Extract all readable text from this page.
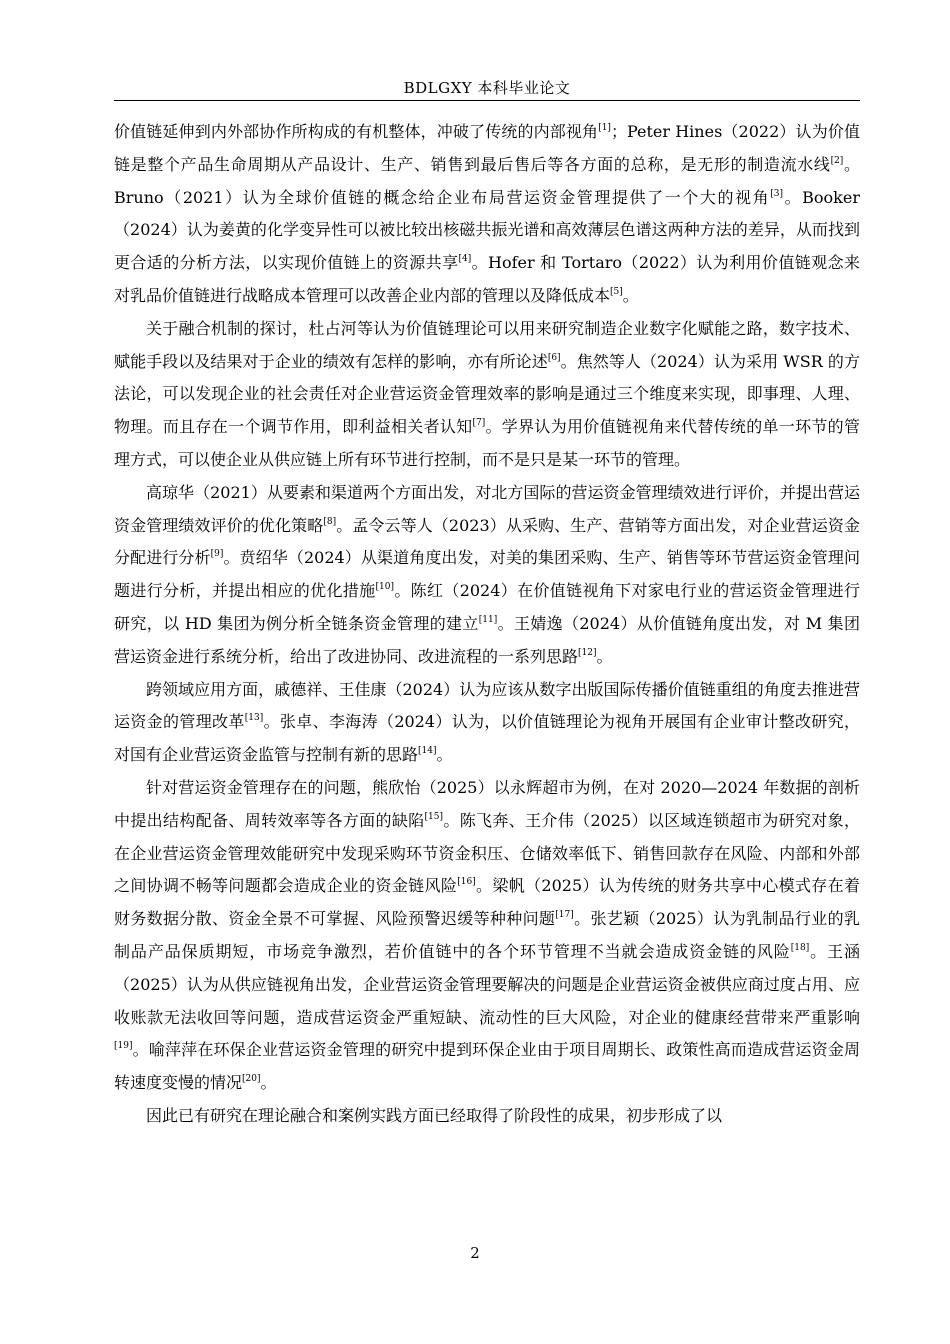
BDLGXY 本科毕业论文

价值链延伸到内外部协作所构成的有机整体，冲破了传统的内部视角[1]；Peter Hines（2022）认为价值链是整个产品生命周期从产品设计、生产、销售到最后售后等各方面的总称，是无形的制造流水线[2]。Bruno（2021）认为全球价值链的概念给企业布局营运资金管理提供了一个大的视角[3]。Booker（2024）认为姜黄的化学变异性可以被比较出核磁共振光谱和高效薄层色谱这两种方法的差异，从而找到更合适的分析方法，以实现价值链上的资源共享[4]。Hofer 和 Tortaro（2022）认为利用价值链观念来对乳品价值链进行战略成本管理可以改善企业内部的管理以及降低成本[5]。

关于融合机制的探讨，杜占河等认为价值链理论可以用来研究制造企业数字化赋能之路，数字技术、赋能手段以及结果对于企业的绩效有怎样的影响，亦有所论述[6]。焦然等人（2024）认为采用 WSR 的方法论，可以发现企业的社会责任对企业营运资金管理效率的影响是通过三个维度来实现，即事理、人理、物理。而且存在一个调节作用，即利益相关者认知[7]。学界认为用价值链视角来代替传统的单一环节的管理方式，可以使企业从供应链上所有环节进行控制，而不是只是某一环节的管理。

高琼华（2021）从要素和渠道两个方面出发，对北方国际的营运资金管理绩效进行评价，并提出营运资金管理绩效评价的优化策略[8]。孟令云等人（2023）从采购、生产、营销等方面出发，对企业营运资金分配进行分析[9]。贲绍华（2024）从渠道角度出发，对美的集团采购、生产、销售等环节营运资金管理问题进行分析，并提出相应的优化措施[10]。陈红（2024）在价值链视角下对家电行业的营运资金管理进行研究，以 HD 集团为例分析全链条资金管理的建立[11]。王婧逸（2024）从价值链角度出发，对 M 集团营运资金进行系统分析，给出了改进协同、改进流程的一系列思路[12]。

跨领域应用方面，戚德祥、王佳康（2024）认为应该从数字出版国际传播价值链重组的角度去推进营运资金的管理改革[13]。张卓、李海涛（2024）认为，以价值链理论为视角开展国有企业审计整改研究，对国有企业营运资金监管与控制有新的思路[14]。

针对营运资金管理存在的问题，熊欣怡（2025）以永辉超市为例，在对 2020—2024 年数据的剖析中提出结构配备、周转效率等各方面的缺陷[15]。陈飞奔、王介伟（2025）以区域连锁超市为研究对象，在企业营运资金管理效能研究中发现采购环节资金积压、仓储效率低下、销售回款存在风险、内部和外部之间协调不畅等问题都会造成企业的资金链风险[16]。梁帆（2025）认为传统的财务共享中心模式存在着财务数据分散、资金全景不可掌握、风险预警迟缓等种种问题[17]。张艺颖（2025）认为乳制品行业的乳制品产品保质期短，市场竞争激烈，若价值链中的各个环节管理不当就会造成资金链的风险[18]。王涵（2025）认为从供应链视角出发，企业营运资金管理要解决的问题是企业营运资金被供应商过度占用、应收账款无法收回等问题，造成营运资金严重短缺、流动性的巨大风险，对企业的健康经营带来严重影响[19]。喻萍萍在环保企业营运资金管理的研究中提到环保企业由于项目周期长、政策性高而造成营运资金周转速度变慢的情况[20]。

因此已有研究在理论融合和案例实践方面已经取得了阶段性的成果，初步形成了以

2
